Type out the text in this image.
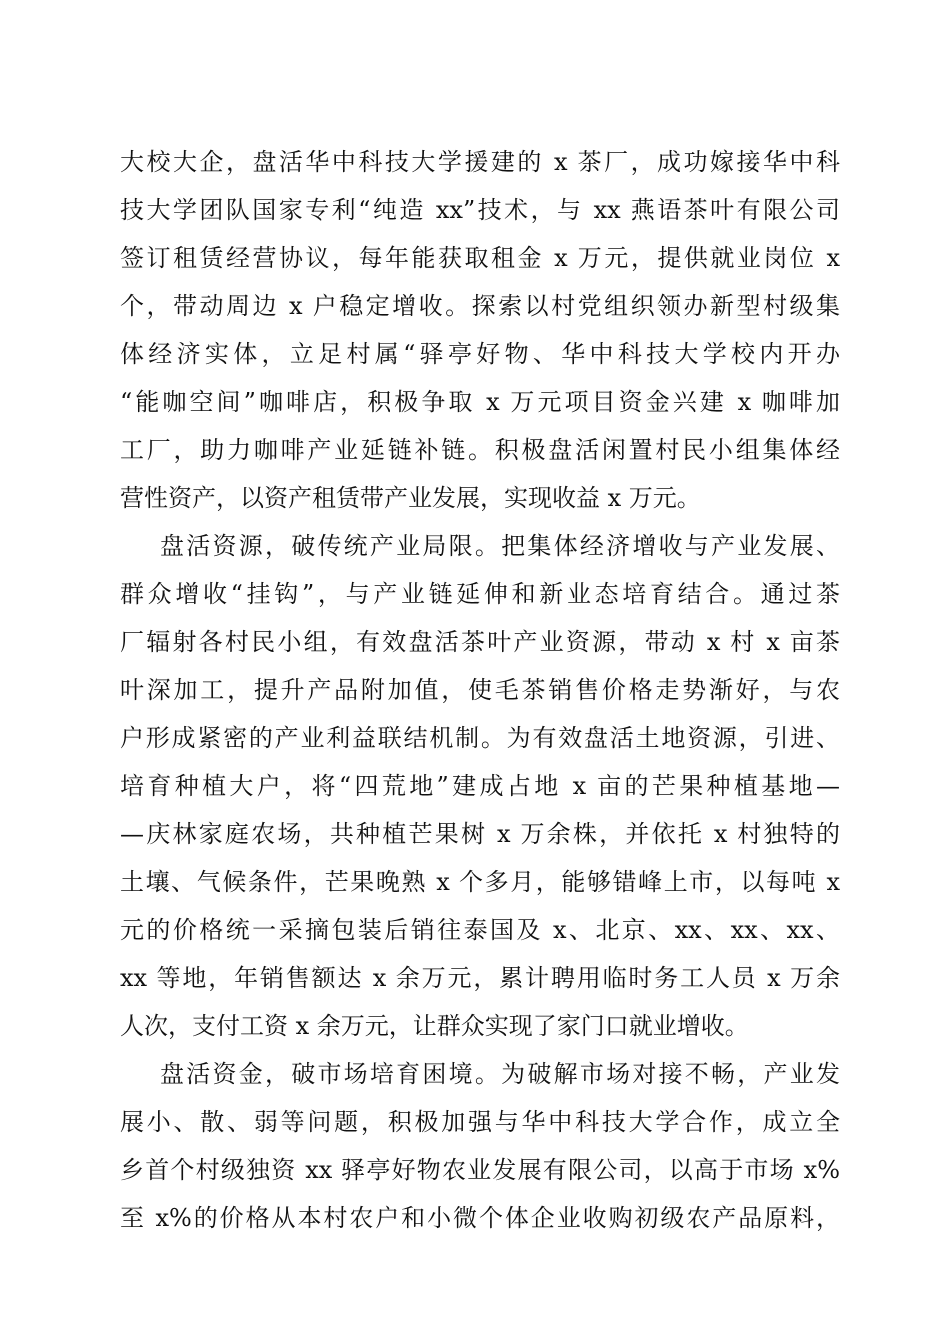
大校大企，盘活华中科技大学援建的 x 茶厂，成功嫁接华中科
技大学团队国家专利“纯造 xx”技术，与 xx 燕语茶叶有限公司
签订租赁经营协议，每年能获取租金 x 万元，提供就业岗位 x
个，带动周边 x 户稳定增收。探索以村党组织领办新型村级集
体经济实体，立足村属“驿亭好物、华中科技大学校内开办
“能咖空间”咖啡店，积极争取 x 万元项目资金兴建 x 咖啡加
工厂，助力咖啡产业延链补链。积极盘活闲置村民小组集体经
营性资产，以资产租赁带产业发展，实现收益 x 万元。
盘活资源，破传统产业局限。把集体经济增收与产业发展、
群众增收“挂钩”，与产业链延伸和新业态培育结合。通过茶
厂辐射各村民小组，有效盘活茶叶产业资源，带动 x 村 x 亩茶
叶深加工，提升产品附加值，使毛茶销售价格走势渐好，与农
户形成紧密的产业利益联结机制。为有效盘活土地资源，引进、
培育种植大户，将“四荒地”建成占地 x 亩的芒果种植基地—
—庆林家庭农场，共种植芒果树 x 万余株，并依托 x 村独特的
土壤、气候条件，芒果晚熟 x 个多月，能够错峰上市，以每吨 x
元的价格统一采摘包装后销往泰国及 x、北京、xx、xx、xx、
xx 等地，年销售额达 x 余万元，累计聘用临时务工人员 x 万余
人次，支付工资 x 余万元，让群众实现了家门口就业增收。
盘活资金，破市场培育困境。为破解市场对接不畅，产业发
展小、散、弱等问题，积极加强与华中科技大学合作，成立全
乡首个村级独资 xx 驿亭好物农业发展有限公司，以高于市场 x%
至 x%的价格从本村农户和小微个体企业收购初级农产品原料，
